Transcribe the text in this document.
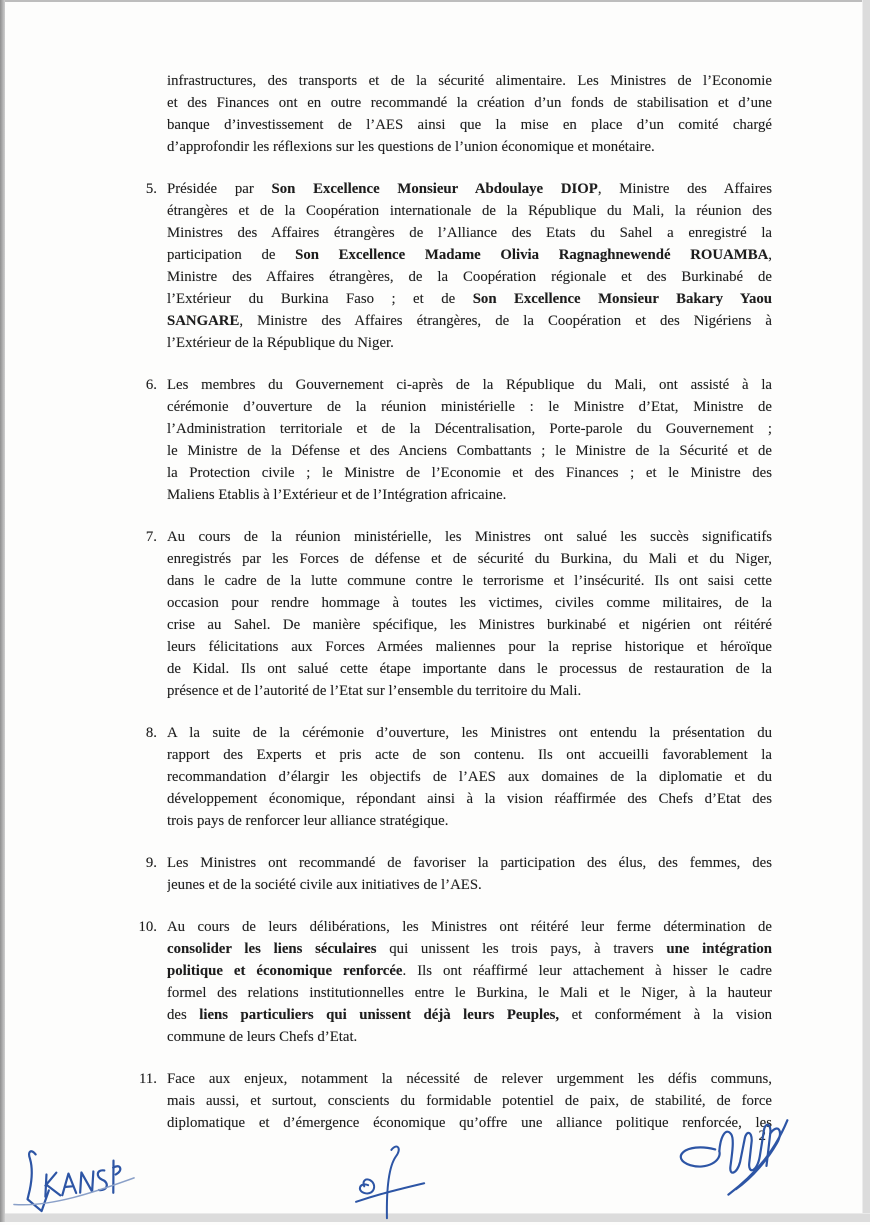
infrastructures, des transports et de la sécurité alimentaire. Les Ministres de l’Economie
et des Finances ont en outre recommandé la création d’un fonds de stabilisation et d’une
banque d’investissement de l’AES ainsi que la mise en place d’un comité chargé
d’approfondir les réflexions sur les questions de l’union économique et monétaire.
5. Présidée par Son Excellence Monsieur Abdoulaye DIOP, Ministre des Affaires
étrangères et de la Coopération internationale de la République du Mali, la réunion des
Ministres des Affaires étrangères de l’Alliance des Etats du Sahel a enregistré la
participation de Son Excellence Madame Olivia Ragnaghnewendé ROUAMBA,
Ministre des Affaires étrangères, de la Coopération régionale et des Burkinabé de
l’Extérieur du Burkina Faso ; et de Son Excellence Monsieur Bakary Yaou
SANGARE, Ministre des Affaires étrangères, de la Coopération et des Nigériens à
l’Extérieur de la République du Niger.
6. Les membres du Gouvernement ci-après de la République du Mali, ont assisté à la
cérémonie d’ouverture de la réunion ministérielle : le Ministre d’Etat, Ministre de
l’Administration territoriale et de la Décentralisation, Porte-parole du Gouvernement ;
le Ministre de la Défense et des Anciens Combattants ; le Ministre de la Sécurité et de
la Protection civile ; le Ministre de l’Economie et des Finances ; et le Ministre des
Maliens Etablis à l’Extérieur et de l’Intégration africaine.
7. Au cours de la réunion ministérielle, les Ministres ont salué les succès significatifs
enregistrés par les Forces de défense et de sécurité du Burkina, du Mali et du Niger,
dans le cadre de la lutte commune contre le terrorisme et l’insécurité. Ils ont saisi cette
occasion pour rendre hommage à toutes les victimes, civiles comme militaires, de la
crise au Sahel. De manière spécifique, les Ministres burkinabé et nigérien ont réitéré
leurs félicitations aux Forces Armées maliennes pour la reprise historique et héroïque
de Kidal. Ils ont salué cette étape importante dans le processus de restauration de la
présence et de l’autorité de l’Etat sur l’ensemble du territoire du Mali.
8. A la suite de la cérémonie d’ouverture, les Ministres ont entendu la présentation du
rapport des Experts et pris acte de son contenu. Ils ont accueilli favorablement la
recommandation d’élargir les objectifs de l’AES aux domaines de la diplomatie et du
développement économique, répondant ainsi à la vision réaffirmée des Chefs d’Etat des
trois pays de renforcer leur alliance stratégique.
9. Les Ministres ont recommandé de favoriser la participation des élus, des femmes, des
jeunes et de la société civile aux initiatives de l’AES.
10. Au cours de leurs délibérations, les Ministres ont réitéré leur ferme détermination de
consolider les liens séculaires qui unissent les trois pays, à travers une intégration
politique et économique renforcée. Ils ont réaffirmé leur attachement à hisser le cadre
formel des relations institutionnelles entre le Burkina, le Mali et le Niger, à la hauteur
des liens particuliers qui unissent déjà leurs Peuples, et conformément à la vision
commune de leurs Chefs d’Etat.
11. Face aux enjeux, notamment la nécessité de relever urgemment les défis communs,
mais aussi, et surtout, conscients du formidable potentiel de paix, de stabilité, de force
diplomatique et d’émergence économique qu’offre une alliance politique renforcée, les
2
